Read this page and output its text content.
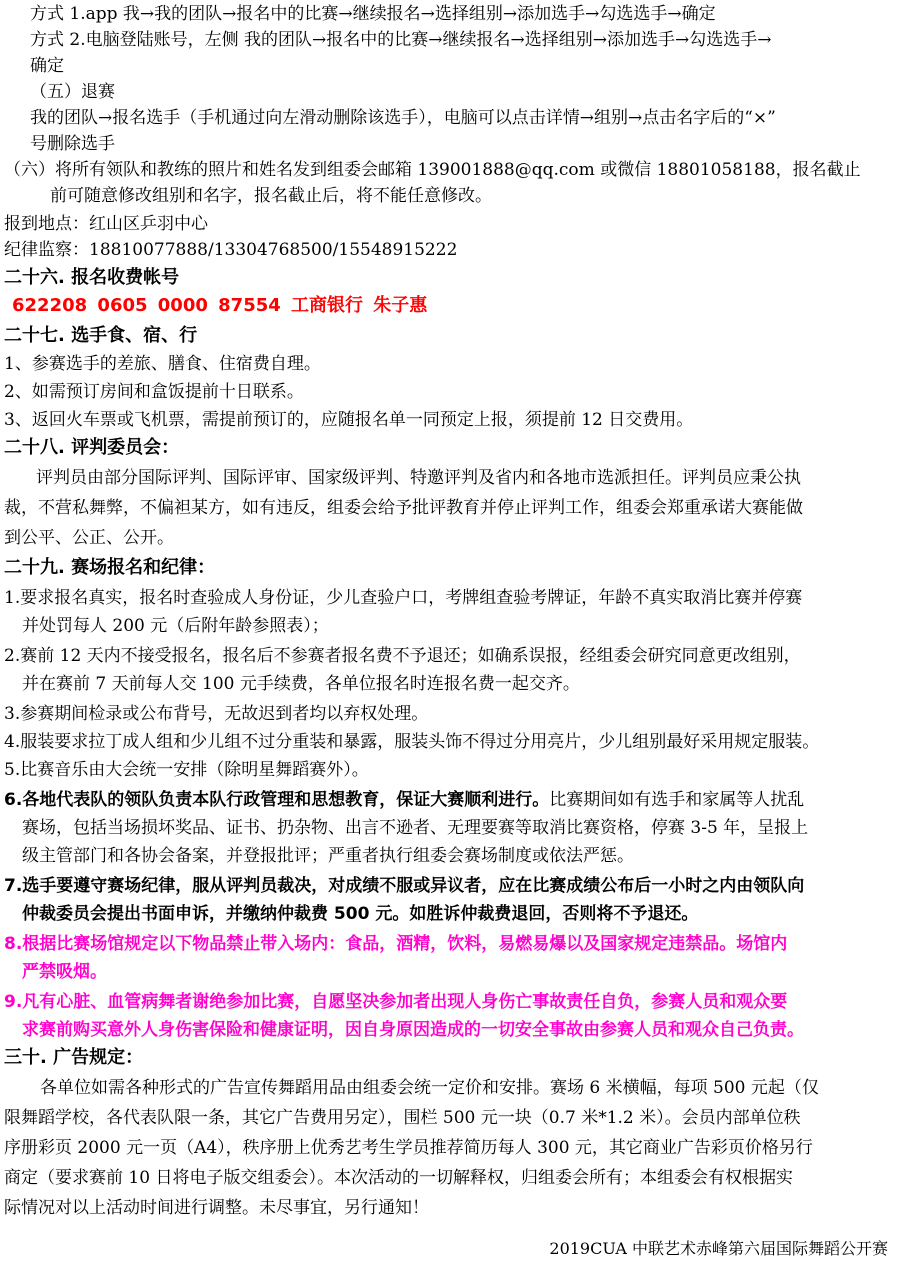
方式 1.app 我→我的团队→报名中的比赛→继续报名→选择组别→添加选手→勾选选手→确定
方式 2.电脑登陆账号，左侧 我的团队→报名中的比赛→继续报名→选择组别→添加选手→勾选选手→
确定
（五）退赛
我的团队→报名选手（手机通过向左滑动删除该选手），电脑可以点击详情→组别→点击名字后的“×”
号删除选手
（六）将所有领队和教练的照片和姓名发到组委会邮箱 139001888@qq.com 或微信 18801058188，报名截止
前可随意修改组别和名字，报名截止后，将不能任意修改。
报到地点：红山区乒羽中心
纪律监察：18810077888/13304768500/15548915222
二十六. 报名收费帐号
622208 0605 0000 87554 工商银行 朱子惠
二十七. 选手食、宿、行
1、参赛选手的差旅、膳食、住宿费自理。
2、如需预订房间和盒饭提前十日联系。
3、返回火车票或飞机票，需提前预订的，应随报名单一同预定上报，须提前 12 日交费用。
二十八. 评判委员会：
评判员由部分国际评判、国际评审、国家级评判、特邀评判及省内和各地市选派担任。评判员应秉公执
裁，不营私舞弊，不偏袒某方，如有违反，组委会给予批评教育并停止评判工作，组委会郑重承诺大赛能做
到公平、公正、公开。
二十九. 赛场报名和纪律：
1.要求报名真实，报名时查验成人身份证，少儿查验户口，考牌组查验考牌证，年龄不真实取消比赛并停赛
并处罚每人 200 元（后附年龄参照表）；
2.赛前 12 天内不接受报名，报名后不参赛者报名费不予退还；如确系误报，经组委会研究同意更改组别，
并在赛前 7 天前每人交 100 元手续费，各单位报名时连报名费一起交齐。
3.参赛期间检录或公布背号，无故迟到者均以弃权处理。
4.服装要求拉丁成人组和少儿组不过分重装和暴露，服装头饰不得过分用亮片，少儿组别最好采用规定服装。
5.比赛音乐由大会统一安排（除明星舞蹈赛外）。
6.各地代表队的领队负责本队行政管理和思想教育，保证大赛顺利进行。比赛期间如有选手和家属等人扰乱
赛场，包括当场损坏奖品、证书、扔杂物、出言不逊者、无理要赛等取消比赛资格，停赛 3-5 年，呈报上
级主管部门和各协会备案，并登报批评；严重者执行组委会赛场制度或依法严惩。
7.选手要遵守赛场纪律，服从评判员裁决，对成绩不服或异议者，应在比赛成绩公布后一小时之内由领队向
仲裁委员会提出书面申诉，并缴纳仲裁费 500 元。如胜诉仲裁费退回，否则将不予退还。
8.根据比赛场馆规定以下物品禁止带入场内：食品，酒精，饮料，易燃易爆以及国家规定违禁品。场馆内
严禁吸烟。
9.凡有心脏、血管病舞者谢绝参加比赛，自愿坚决参加者出现人身伤亡事故责任自负，参赛人员和观众要
求赛前购买意外人身伤害保险和健康证明，因自身原因造成的一切安全事故由参赛人员和观众自己负责。
三十. 广告规定：
各单位如需各种形式的广告宣传舞蹈用品由组委会统一定价和安排。赛场 6 米横幅，每项 500 元起（仅
限舞蹈学校，各代表队限一条，其它广告费用另定），围栏 500 元一块（0.7 米*1.2 米）。会员内部单位秩
序册彩页 2000 元一页（A4），秩序册上优秀艺考生学员推荐简历每人 300 元，其它商业广告彩页价格另行
商定（要求赛前 10 日将电子版交组委会）。本次活动的一切解释权，归组委会所有；本组委会有权根据实
际情况对以上活动时间进行调整。未尽事宜，另行通知！
2019CUA 中联艺术赤峰第六届国际舞蹈公开赛
